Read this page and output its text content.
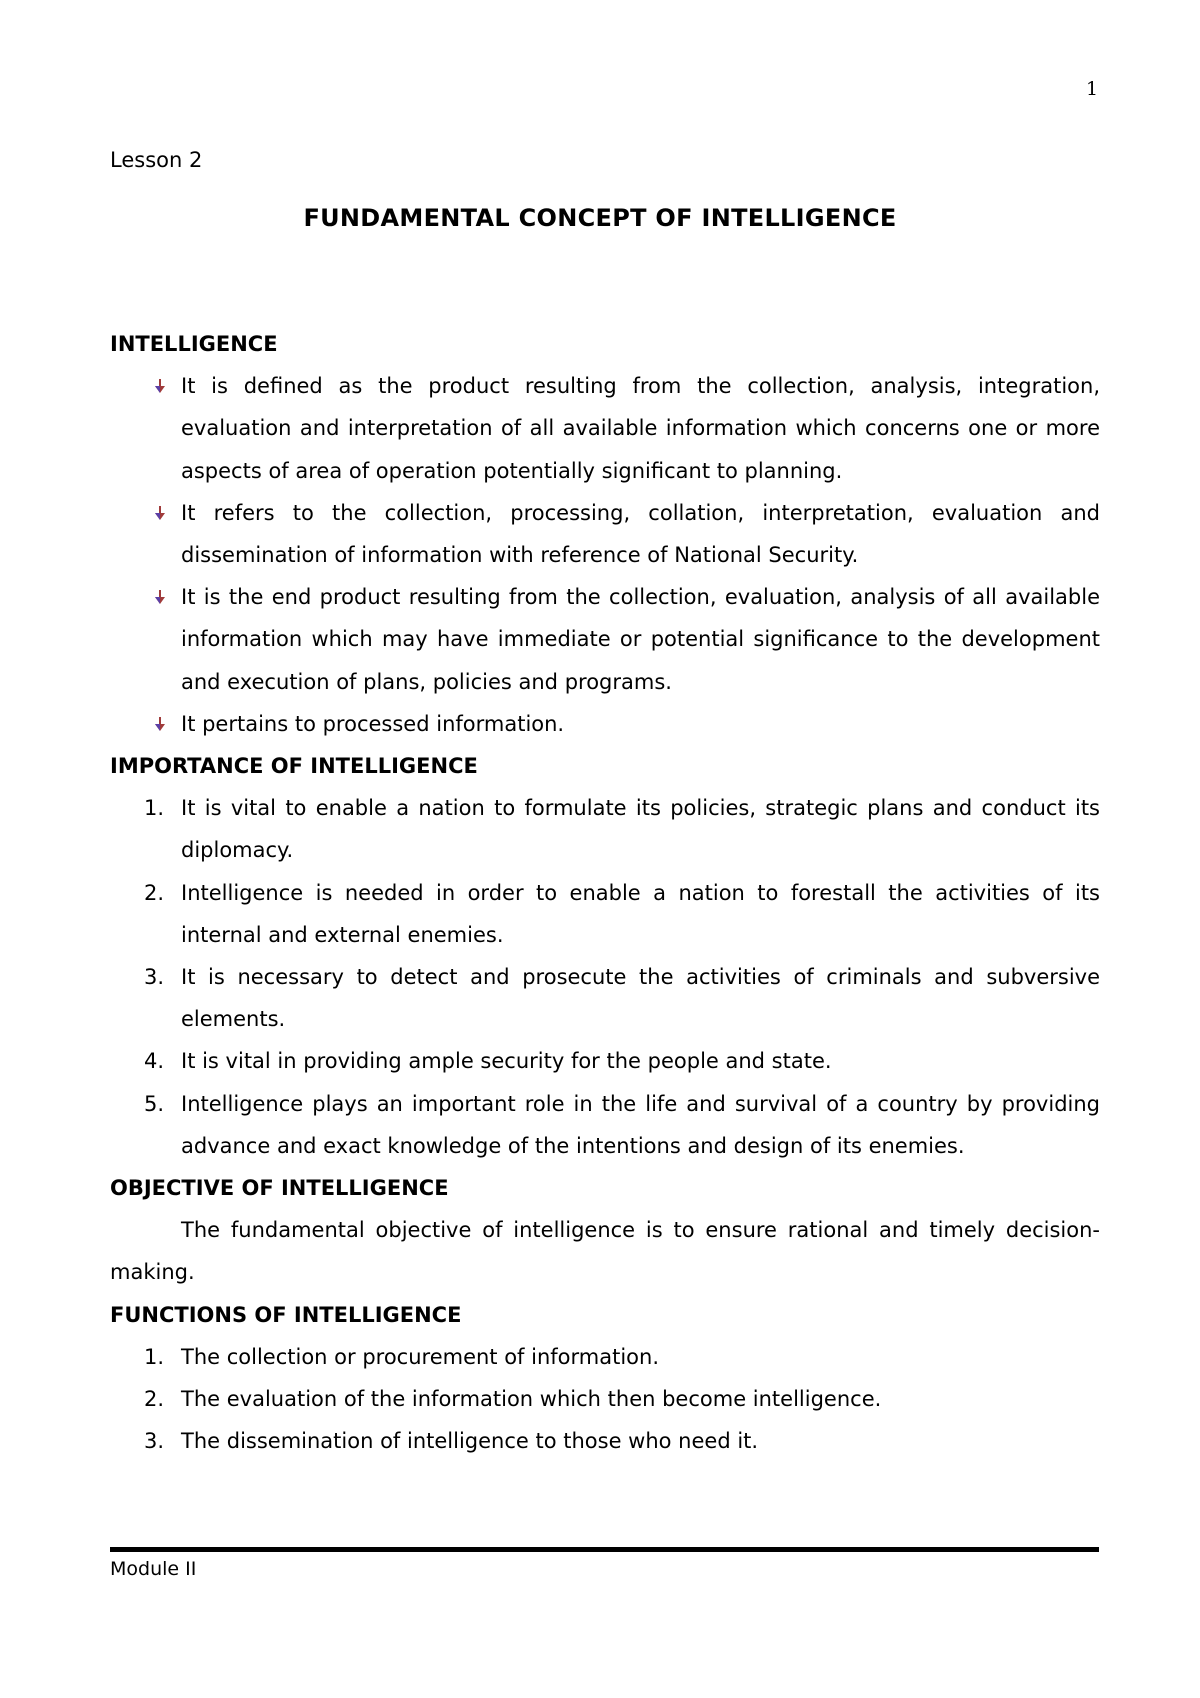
1
Lesson 2
FUNDAMENTAL CONCEPT OF INTELLIGENCE
INTELLIGENCE
It is defined as the product resulting from the collection, analysis, integration, evaluation and interpretation of all available information which concerns one or more aspects of area of operation potentially significant to planning.
It refers to the collection, processing, collation, interpretation, evaluation and dissemination of information with reference of National Security.
It is the end product resulting from the collection, evaluation, analysis of all available information which may have immediate or potential significance to the development and execution of plans, policies and programs.
It pertains to processed information.
IMPORTANCE OF INTELLIGENCE
1. It is vital to enable a nation to formulate its policies, strategic plans and conduct its diplomacy.
2. Intelligence is needed in order to enable a nation to forestall the activities of its internal and external enemies.
3. It is necessary to detect and prosecute the activities of criminals and subversive elements.
4. It is vital in providing ample security for the people and state.
5. Intelligence plays an important role in the life and survival of a country by providing advance and exact knowledge of the intentions and design of its enemies.
OBJECTIVE OF INTELLIGENCE

The fundamental objective of intelligence is to ensure rational and timely decision-making.

FUNCTIONS OF INTELLIGENCE
1. The collection or procurement of information.
2. The evaluation of the information which then become intelligence.
3. The dissemination of intelligence to those who need it.
Module II
